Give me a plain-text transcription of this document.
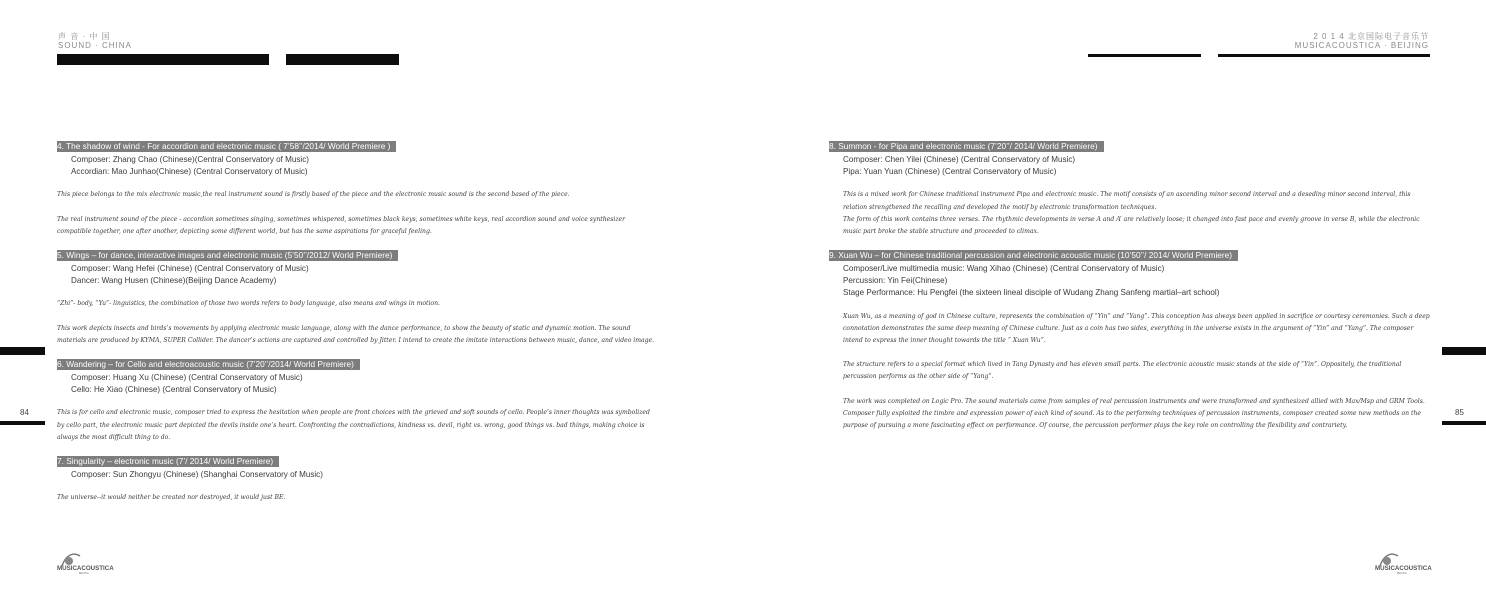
声 音 · 中 国
SOUND · CHINA
2 0 1 4 北京国际电子音乐节
MUSICACOUSTICA · BEIJING
84	85
4. The shadow of wind - For accordion and electronic music ( 7’58’’/2014/ World Premiere )
Composer: Zhang Chao (Chinese)(Central Conservatory of Music)
Accordian: Mao Junhao(Chinese) (Central Conservatory of Music)

This piece belongs to the mix electronic music,the real instrument sound is firstly based of the piece and the electronic music sound is the second based of the piece.

The real instrument sound of the piece - accordion sometimes singing, sometimes whispered, sometimes black keys, sometimes white keys, real accordion sound and voice synthesizer compatible together, one after another, depicting some different world, but has the same aspirations for graceful feeling.

5. Wings – for dance, interactive images and electronic music (5’50’’/2012/ World Premiere)
Composer: Wang Hefei (Chinese) (Central Conservatory of Music)
Dancer: Wang Husen (Chinese)(Beijing Dance Academy)

“Zhi”- body, “Yu”- linguistics, the combination of those two words refers to body language, also means and wings in motion.

This work depicts insects and birds’s movements by applying electronic music language, along with the dance performance, to show the beauty of static and dynamic motion. The sound materials are produced by KYMA, SUPER Collider. The dancer’s actions are captured and controlled by Jitter. I intend to create the imitate interactions between music, dance, and video image.

6. Wandering – for Cello and electroacoustic music (7’20’’/2014/ World Premiere)
Composer: Huang Xu (Chinese) (Central Conservatory of Music)
Cello: He Xiao (Chinese) (Central Conservatory of Music)

This is for cello and electronic music, composer tried to express the hesitation when people are front choices with the grieved and soft sounds of cello. People’s inner thoughts was symbolized by cello part, the electronic music part depicted the devils inside one’s heart. Confronting the contradictions, kindness vs. devil, right vs. wrong, good things vs. bad things, making choice is always the most difficult thing to do.

7. Singularity – electronic music (7’/ 2014/ World Premiere)
Composer: Sun Zhongyu (Chinese) (Shanghai Conservatory of Music)

The universe--it would neither be created nor destroyed, it would just BE.

8. Summon - for Pipa and electronic music (7’20’’/ 2014/ World Premiere)
Composer: Chen Yilei (Chinese) (Central Conservatory of Music)
Pipa: Yuan Yuan (Chinese) (Central Conservatory of Music)

This is a mixed work for Chinese traditional instrument Pipa and electronic music. The motif consists of an ascending minor second interval and a deseding minor second interval, this relation strengthened the recalling and developed the motif by electronic transformation techniques.
The form of this work contains three verses. The rhythmic developments in verse A and A’ are relatively loose; it changed into fast pace and evenly groove in verse B, while the electronic music part broke the stable structure and proceeded to climax.

9. Xuan Wu – for Chinese traditional percussion and electronic acoustic music (10’50’’/ 2014/ World Premiere)
Composer/Live multimedia music: Wang Xihao (Chinese) (Central Conservatory of Music)
Percussion: Yin Fei(Chinese)
Stage Performance: Hu Pengfei (the sixteen lineal disciple of Wudang Zhang Sanfeng martial–art school)

Xuan Wu, as a meaning of god in Chinese culture, represents the combination of “Yin” and “Yang”. This conception has always been applied in sacrifice or courtesy ceremonies. Such a deep connotation demonstrates the same deep meaning of Chinese culture. Just as a coin has two sides, everything in the universe exists in the argument of “Yin” and “Yang”. The composer intend to express the inner thought towards the title “ Xuan Wu”.

The structure refers to a special format which lived in Tang Dynasty and has eleven small parts. The electronic acoustic music stands at the side of “Yin”. Oppositely, the traditional percussion performs as the other side of “Yang”.

The work was completed on Logic Pro. The sound materials came from samples of real percussion instruments and were transformed and synthesized allied with Max/Msp and GRM Tools. Composer fully exploited the timbre and expression power of each kind of sound. As to the performing techniques of percussion instruments, composer created some new methods on the purpose of pursuing a more fascinating effect on performance. Of course, the percussion performer plays the key role on controlling the flexibility and contrariety.

MUSICACOUSTICA
BEIJING
MUSICACOUSTICA
BEIJING
